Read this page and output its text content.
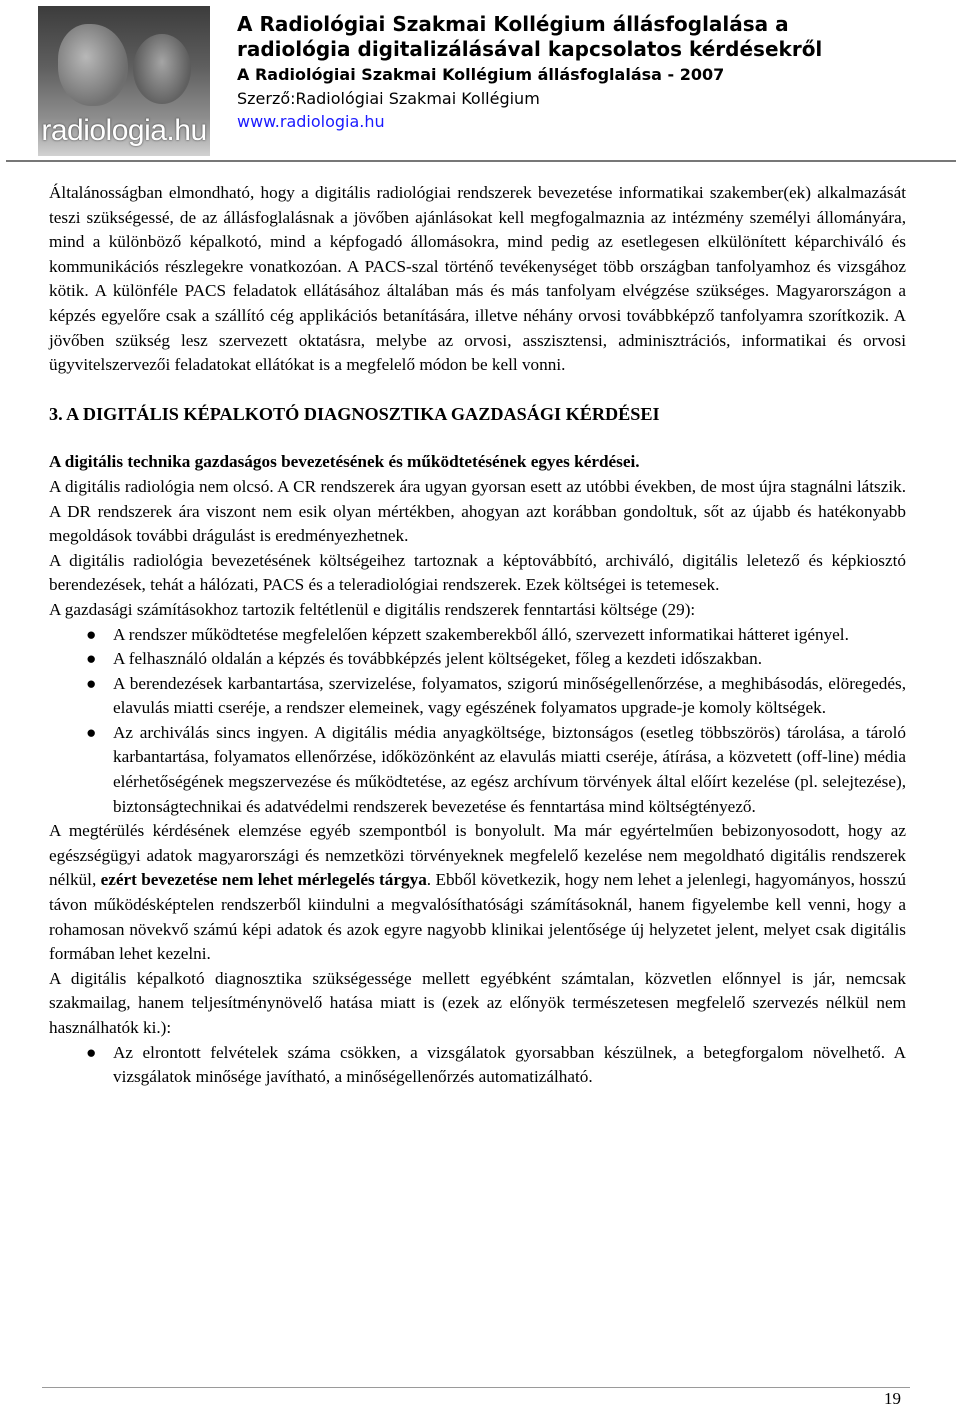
radiologia.hu
A Radiológiai Szakmai Kollégium állásfoglalása a
radiológia digitalizálásával kapcsolatos kérdésekről
A Radiológiai Szakmai Kollégium állásfoglalása - 2007
Szerző:Radiológiai Szakmai Kollégium
www.radiologia.hu

Általánosságban elmondható, hogy a digitális radiológiai rendszerek bevezetése informatikai szakember(ek) alkalmazását teszi szükségessé, de az állásfoglalásnak a jövőben ajánlásokat kell megfogalmaznia az intézmény személyi állományára, mind a különböző képalkotó, mind a képfogadó állomásokra, mind pedig az esetlegesen elkülönített képarchiváló és kommunikációs részlegekre vonatkozóan. A PACS-szal történő tevékenységet több országban tanfolyamhoz és vizsgához kötik. A különféle PACS feladatok ellátásához általában más és más tanfolyam elvégzése szükséges. Magyarországon a képzés egyelőre csak a szállító cég applikációs betanítására, illetve néhány orvosi továbbképző tanfolyamra szorítkozik. A jövőben szükség lesz szervezett oktatásra, melybe az orvosi, asszisztensi, adminisztrációs, informatikai és orvosi ügyvitelszervezői feladatokat ellátókat is a megfelelő módon be kell vonni.

3. A DIGITÁLIS KÉPALKOTÓ DIAGNOSZTIKA GAZDASÁGI KÉRDÉSEI

A digitális technika gazdaságos bevezetésének és működtetésének egyes kérdései.

A digitális radiológia nem olcsó. A CR rendszerek ára ugyan gyorsan esett az utóbbi években, de most újra stagnálni látszik. A DR rendszerek ára viszont nem esik olyan mértékben, ahogyan azt korábban gondoltuk, sőt az újabb és hatékonyabb megoldások további drágulást is eredményezhetnek.

A digitális radiológia bevezetésének költségeihez tartoznak a képtovábbító, archiváló, digitális leletező és képkiosztó berendezések, tehát a hálózati, PACS és a teleradiológiai rendszerek. Ezek költségei is tetemesek.

A gazdasági számításokhoz tartozik feltétlenül e digitális rendszerek fenntartási költsége (29):

● A rendszer működtetése megfelelően képzett szakemberekből álló, szervezett informatikai hátteret igényel.
● A felhasználó oldalán a képzés és továbbképzés jelent költségeket, főleg a kezdeti időszakban.
● A berendezések karbantartása, szervizelése, folyamatos, szigorú minőségellenőrzése, a meghibásodás, elöregedés, elavulás miatti cseréje, a rendszer elemeinek, vagy egészének folyamatos upgrade-je komoly költségek.
● Az archiválás sincs ingyen. A digitális média anyagköltsége, biztonságos (esetleg többszörös) tárolása, a tároló karbantartása, folyamatos ellenőrzése, időközönként az elavulás miatti cseréje, átírása, a közvetett (off-line) média elérhetőségének megszervezése és működtetése, az egész archívum törvények által előírt kezelése (pl. selejtezése), biztonságtechnikai és adatvédelmi rendszerek bevezetése és fenntartása mind költségtényező.

A megtérülés kérdésének elemzése egyéb szempontból is bonyolult. Ma már egyértelműen bebizonyosodott, hogy az egészségügyi adatok magyarországi és nemzetközi törvényeknek megfelelő kezelése nem megoldható digitális rendszerek nélkül, ezért bevezetése nem lehet mérlegelés tárgya. Ebből következik, hogy nem lehet a jelenlegi, hagyományos, hosszú távon működésképtelen rendszerből kiindulni a megvalósíthatósági számításoknál, hanem figyelembe kell venni, hogy a rohamosan növekvő számú képi adatok és azok egyre nagyobb klinikai jelentősége új helyzetet jelent, melyet csak digitális formában lehet kezelni.

A digitális képalkotó diagnosztika szükségessége mellett egyébként számtalan, közvetlen előnnyel is jár, nemcsak szakmailag, hanem teljesítménynövelő hatása miatt is (ezek az előnyök természetesen megfelelő szervezés nélkül nem használhatók ki.):

● Az elrontott felvételek száma csökken, a vizsgálatok gyorsabban készülnek, a betegforgalom növelhető. A vizsgálatok minősége javítható, a minőségellenőrzés automatizálható.
19
